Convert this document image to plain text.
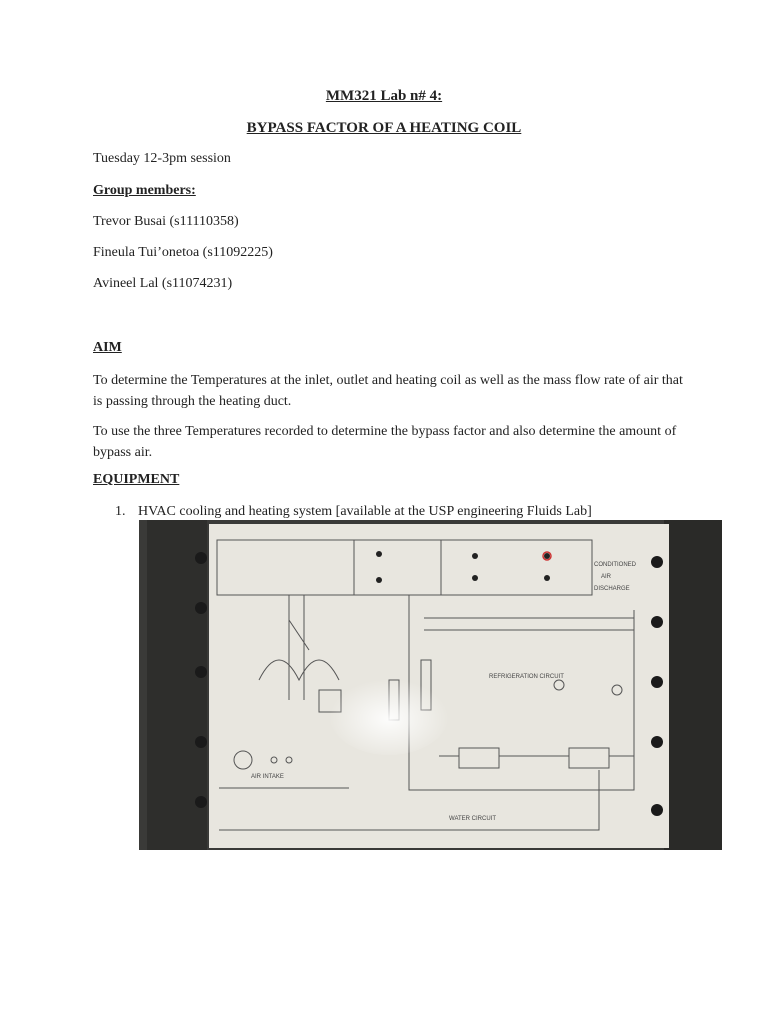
MM321 Lab n# 4:
BYPASS FACTOR OF A HEATING COIL
Tuesday 12-3pm session
Group members:
Trevor Busai (s11110358)
Fineula Tui’onetoa (s11092225)
Avineel Lal (s11074231)
AIM
To determine the Temperatures at the inlet, outlet and heating coil as well as the mass flow rate of air that is passing through the heating duct.
To use the three Temperatures recorded to determine the bypass factor and also determine the amount of bypass air.
EQUIPMENT
1. HVAC cooling and heating system [available at the USP engineering Fluids Lab]
CONDITIONED
AIR
DISCHARGE
REFRIGERATION CIRCUIT
AIR INTAKE
WATER CIRCUIT
